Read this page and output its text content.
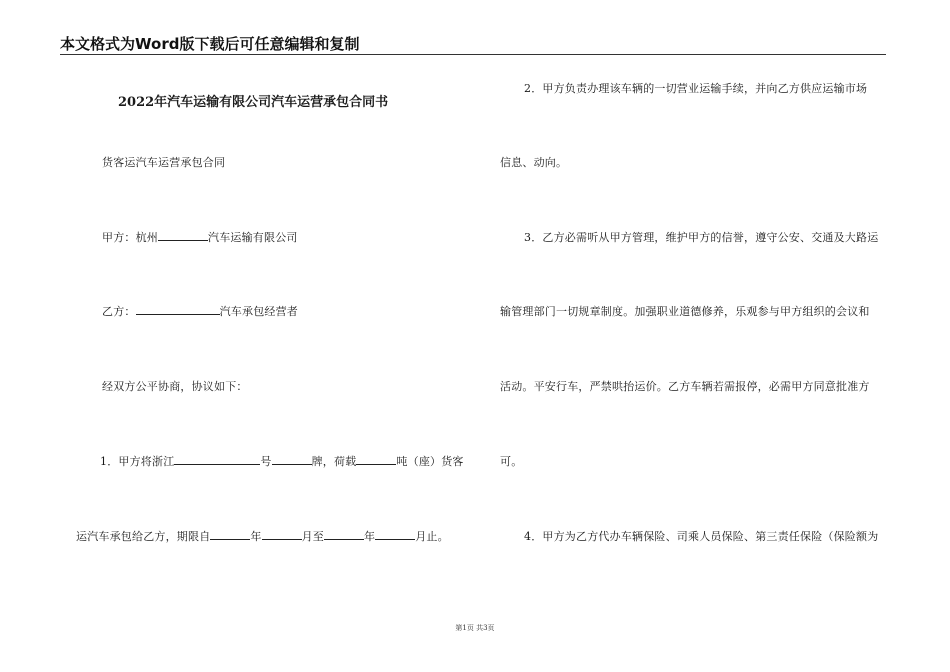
本文格式为Word版下载后可任意编辑和复制
2022年汽车运输有限公司汽车运营承包合同书
货客运汽车运营承包合同
甲方：杭州	汽车运输有限公司
乙方：	汽车承包经营者
经双方公平协商，协议如下：
1．甲方将浙江	号	牌，荷载	吨（座）货客
运汽车承包给乙方，期限自	年	月至	年	月止。
2．甲方负责办理该车辆的一切营业运输手续，并向乙方供应运输市场
信息、动向。
3．乙方必需听从甲方管理，维护甲方的信誉，遵守公安、交通及大路运
输管理部门一切规章制度。加强职业道德修养，乐观参与甲方组织的会议和
活动。平安行车，严禁哄抬运价。乙方车辆若需报停，必需甲方同意批准方
可。
4．甲方为乙方代办车辆保险、司乘人员保险、第三责任保险（保险额为
第1页 共3页
